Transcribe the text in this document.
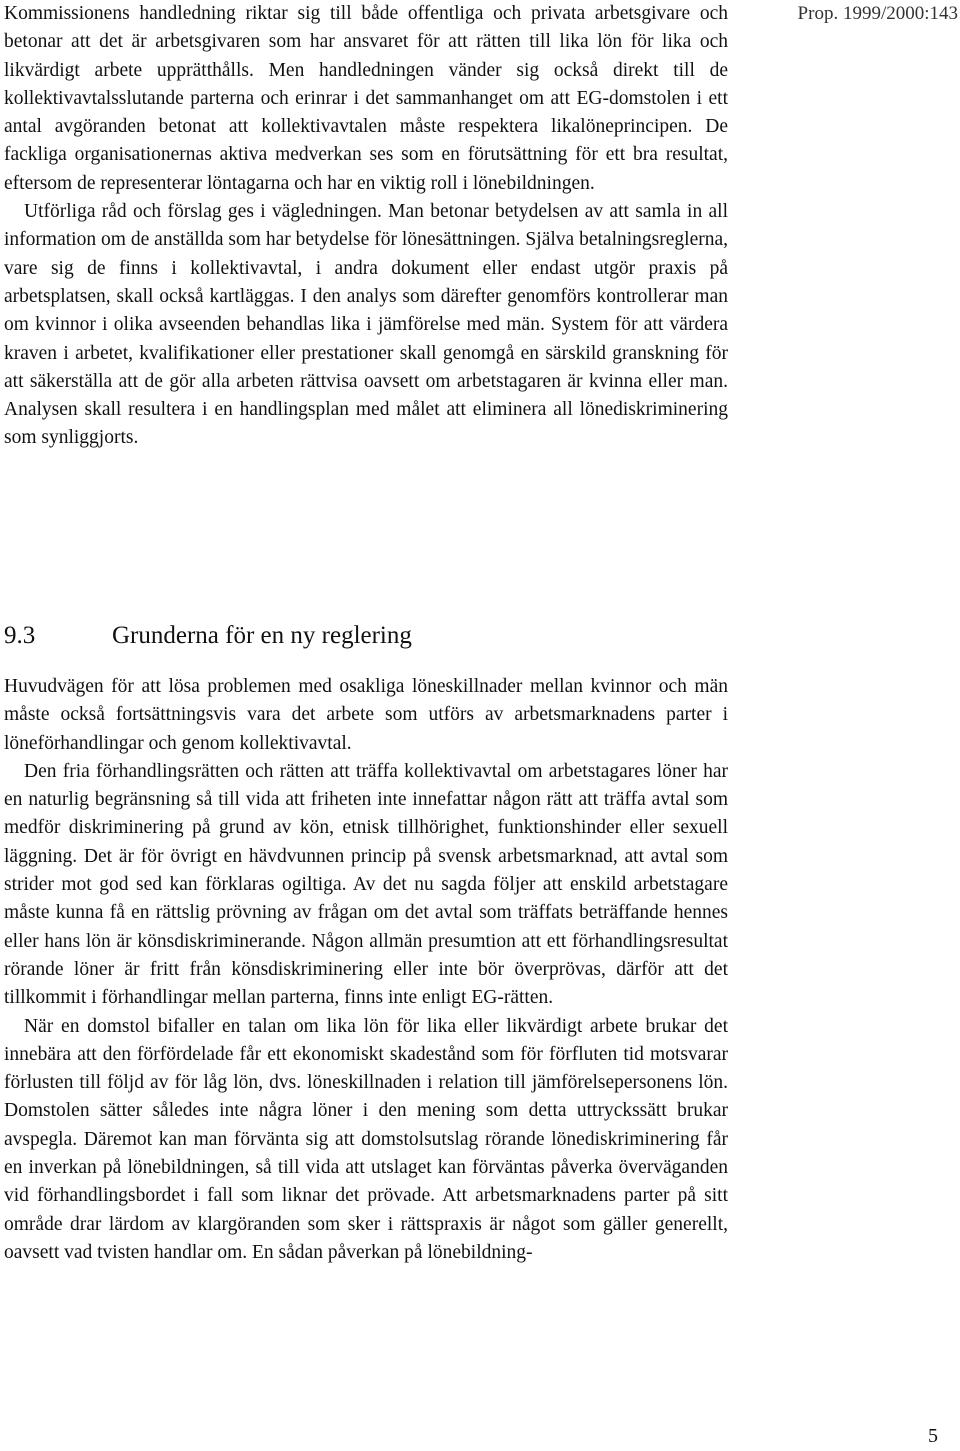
Prop. 1999/2000:143

Kommissionens handledning riktar sig till både offentliga och privata arbetsgivare och betonar att det är arbetsgivaren som har ansvaret för att rätten till lika lön för lika och likvärdigt arbete upprätthålls. Men handledningen vänder sig också direkt till de kollektivavtalsslutande parterna och erinrar i det sammanhanget om att EG-domstolen i ett antal avgöranden betonat att kollektivavtalen måste respektera likalöneprincipen. De fackliga organisationernas aktiva medverkan ses som en förutsättning för ett bra resultat, eftersom de representerar löntagarna och har en viktig roll i lönebildningen.

Utförliga råd och förslag ges i vägledningen. Man betonar betydelsen av att samla in all information om de anställda som har betydelse för lönesättningen. Själva betalningsreglerna, vare sig de finns i kollektivavtal, i andra dokument eller endast utgör praxis på arbetsplatsen, skall också kartläggas. I den analys som därefter genomförs kontrollerar man om kvinnor i olika avseenden behandlas lika i jämförelse med män. System för att värdera kraven i arbetet, kvalifikationer eller prestationer skall genomgå en särskild granskning för att säkerställa att de gör alla arbeten rättvisa oavsett om arbetstagaren är kvinna eller man. Analysen skall resultera i en handlingsplan med målet att eliminera all lönediskriminering som synliggjorts.

9.3	Grunderna för en ny reglering

Huvudvägen för att lösa problemen med osakliga löneskillnader mellan kvinnor och män måste också fortsättningsvis vara det arbete som utförs av arbetsmarknadens parter i löneförhandlingar och genom kollektivavtal.

Den fria förhandlingsrätten och rätten att träffa kollektivavtal om arbetstagares löner har en naturlig begränsning så till vida att friheten inte innefattar någon rätt att träffa avtal som medför diskriminering på grund av kön, etnisk tillhörighet, funktionshinder eller sexuell läggning. Det är för övrigt en hävdvunnen princip på svensk arbetsmarknad, att avtal som strider mot god sed kan förklaras ogiltiga. Av det nu sagda följer att enskild arbetstagare måste kunna få en rättslig prövning av frågan om det avtal som träffats beträffande hennes eller hans lön är könsdiskriminerande. Någon allmän presumtion att ett förhandlingsresultat rörande löner är fritt från könsdiskriminering eller inte bör överprövas, därför att det tillkommit i förhandlingar mellan parterna, finns inte enligt EG-rätten.

När en domstol bifaller en talan om lika lön för lika eller likvärdigt arbete brukar det innebära att den förfördelade får ett ekonomiskt skadestånd som för förfluten tid motsvarar förlusten till följd av för låg lön, dvs. löneskillnaden i relation till jämförelsepersonens lön. Domstolen sätter således inte några löner i den mening som detta uttryckssätt brukar avspegla. Däremot kan man förvänta sig att domstolsutslag rörande lönediskriminering får en inverkan på lönebildningen, så till vida att utslaget kan förväntas påverka överväganden vid förhandlingsbordet i fall som liknar det prövade. Att arbetsmarknadens parter på sitt område drar lärdom av klargöranden som sker i rättspraxis är något som gäller generellt, oavsett vad tvisten handlar om. En sådan påverkan på lönebildning-

5
